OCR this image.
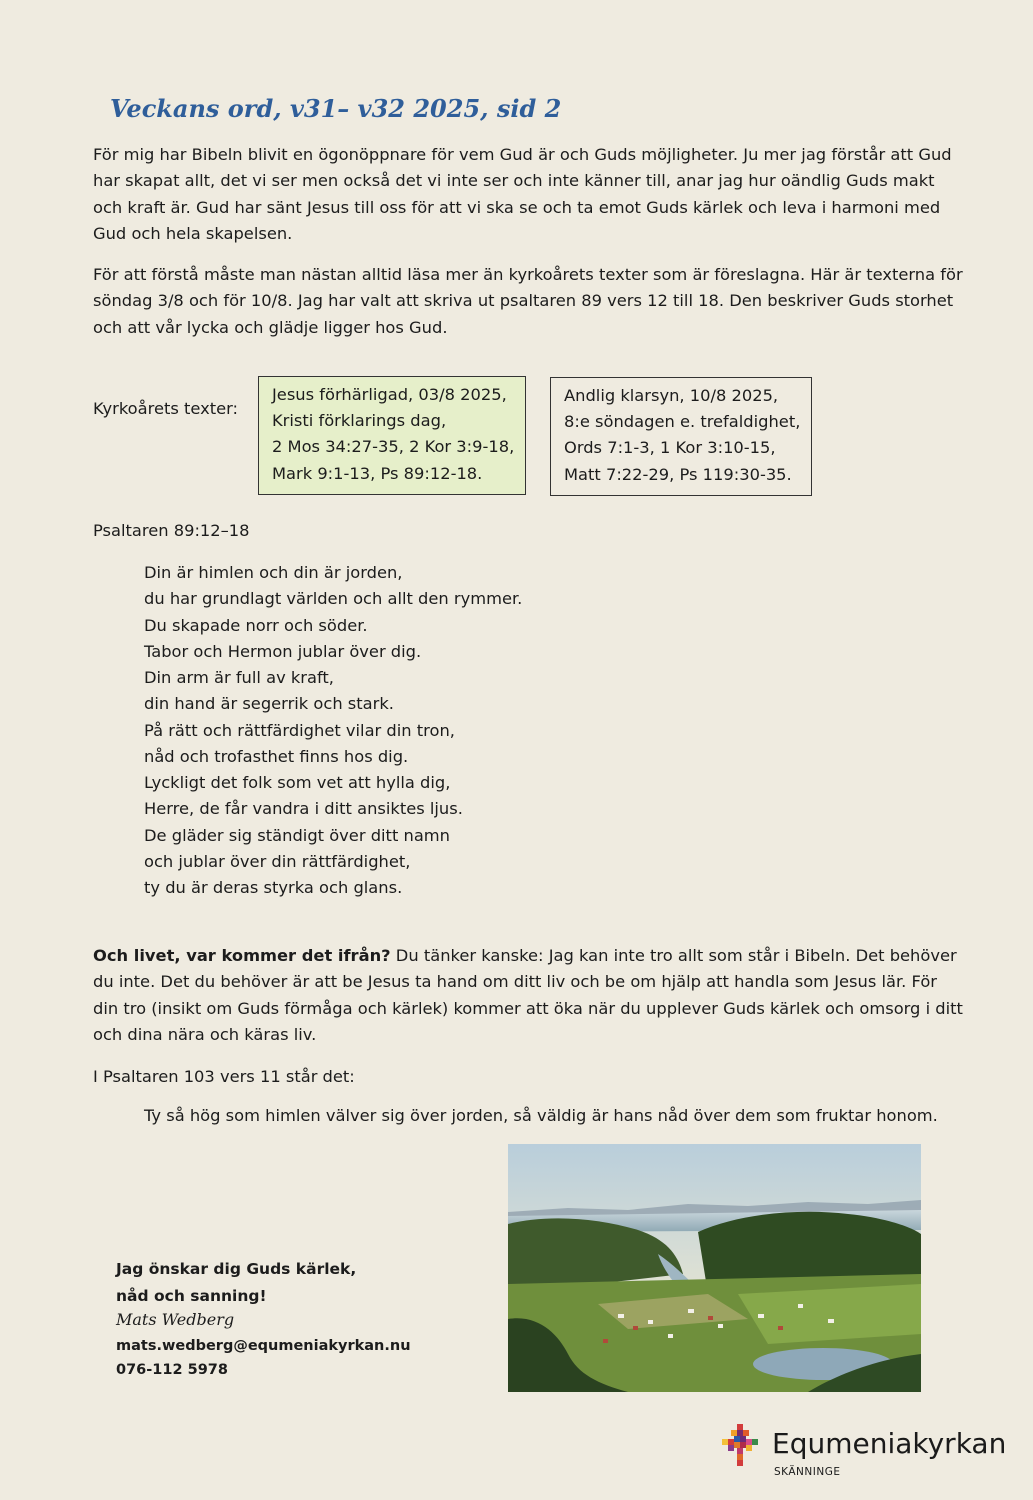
Veckans ord, v31– v32 2025, sid 2

För mig har Bibeln blivit en ögonöppnare för vem Gud är och Guds möjligheter. Ju mer jag förstår att Gud har skapat allt, det vi ser men också det vi inte ser och inte känner till, anar jag hur oändlig Guds makt och kraft är. Gud har sänt Jesus till oss för att vi ska se och ta emot Guds kärlek och leva i harmoni med Gud och hela skapelsen.

För att förstå måste man nästan alltid läsa mer än kyrkoårets texter som är föreslagna. Här är texterna för söndag 3/8 och för 10/8. Jag har valt att skriva ut psaltaren 89 vers 12 till 18. Den beskriver Guds storhet och att vår lycka och glädje ligger hos Gud.

Kyrkoårets texter:
Jesus förhärligad, 03/8 2025,
Kristi förklarings dag,
2 Mos 34:27-35, 2 Kor 3:9-18,
Mark 9:1-13, Ps 89:12-18.
Andlig klarsyn, 10/8 2025,
8:e söndagen e. trefaldighet,
Ords 7:1-3, 1 Kor 3:10-15,
Matt 7:22-29, Ps 119:30-35.
Psaltaren 89:12–18
Din är himlen och din är jorden,
du har grundlagt världen och allt den rymmer.
Du skapade norr och söder.
Tabor och Hermon jublar över dig.
Din arm är full av kraft,
din hand är segerrik och stark.
På rätt och rättfärdighet vilar din tron,
nåd och trofasthet finns hos dig.
Lyckligt det folk som vet att hylla dig,
Herre, de får vandra i ditt ansiktes ljus.
De gläder sig ständigt över ditt namn
och jublar över din rättfärdighet,
ty du är deras styrka och glans.

Och livet, var kommer det ifrån? Du tänker kanske: Jag kan inte tro allt som står i Bibeln. Det behöver du inte. Det du behöver är att be Jesus ta hand om ditt liv och be om hjälp att handla som Jesus lär. För din tro (insikt om Guds förmåga och kärlek) kommer att öka när du upplever Guds kärlek och omsorg i ditt och dina nära och käras liv.

I Psaltaren 103 vers 11 står det:

Ty så hög som himlen välver sig över jorden, så väldig är hans nåd över dem som fruktar honom.
Jag önskar dig Guds kärlek,
nåd och sanning!
Mats Wedberg
mats.wedberg@equmeniakyrkan.nu
076-112 5978
Equmeniakyrkan
SKÄNNINGE
